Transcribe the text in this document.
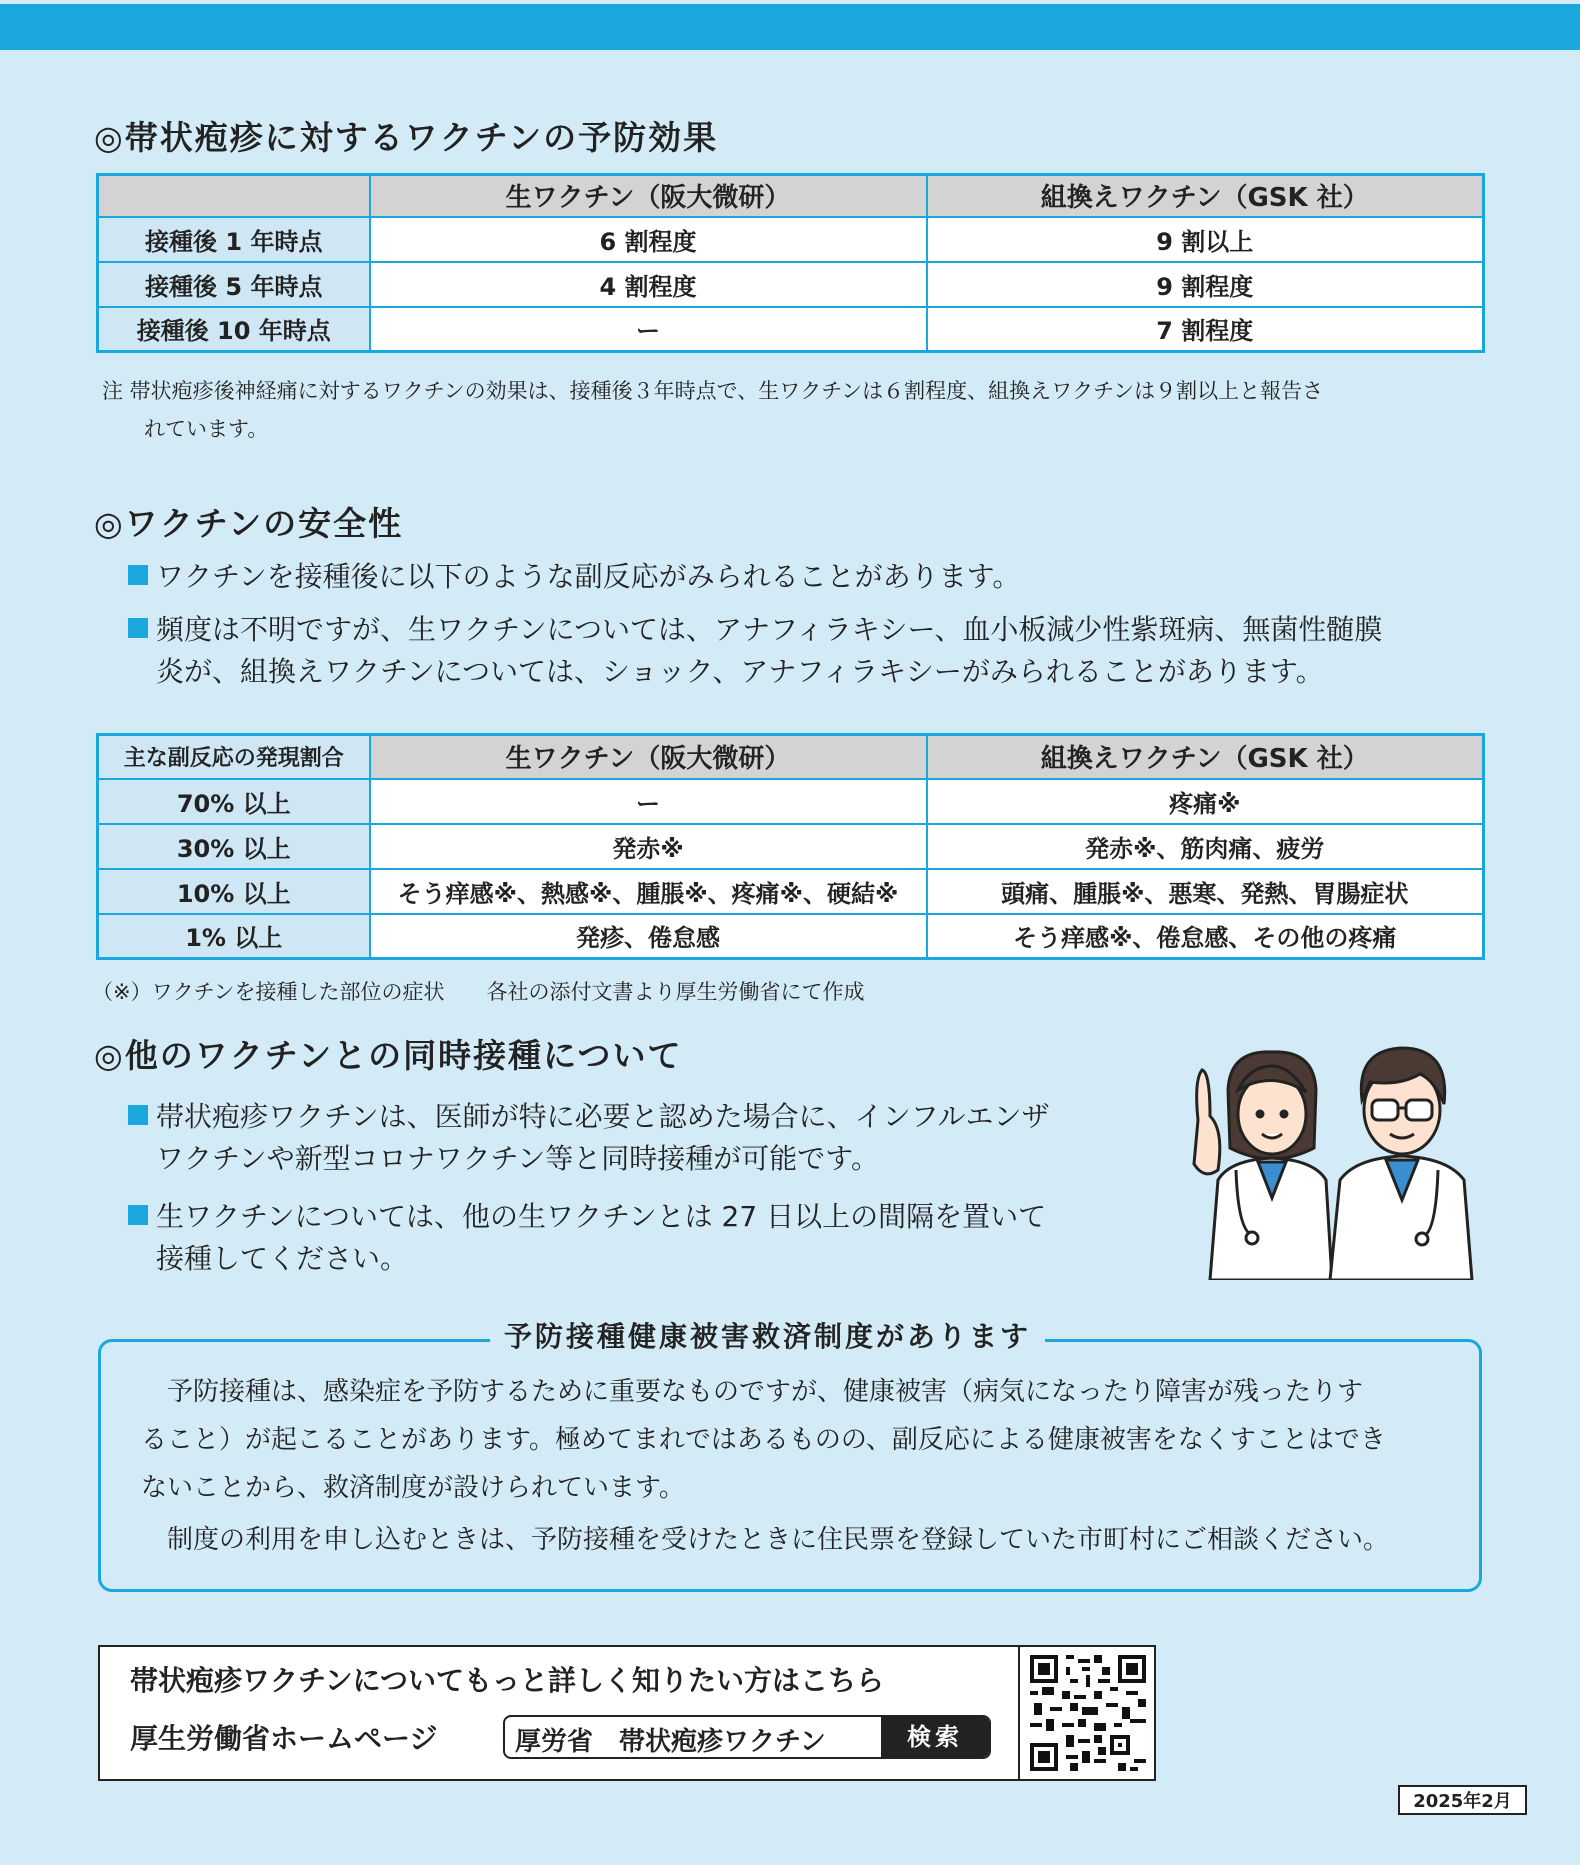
◎帯状疱疹に対するワクチンの予防効果
	生ワクチン（阪大微研）	組換えワクチン（GSK 社）
接種後 1 年時点	6 割程度	9 割以上
接種後 5 年時点	4 割程度	9 割程度
接種後 10 年時点	ー	7 割程度
注 帯状疱疹後神経痛に対するワクチンの効果は、接種後３年時点で、生ワクチンは６割程度、組換えワクチンは９割以上と報告さ
れています。
◎ワクチンの安全性
ワクチンを接種後に以下のような副反応がみられることがあります。
頻度は不明ですが、生ワクチンについては、アナフィラキシー、血小板減少性紫斑病、無菌性髄膜
炎が、組換えワクチンについては、ショック、アナフィラキシーがみられることがあります。
主な副反応の発現割合	生ワクチン（阪大微研）	組換えワクチン（GSK 社）
70% 以上	ー	疼痛※
30% 以上	発赤※	発赤※、筋肉痛、疲労
10% 以上	そう痒感※、熱感※、腫脹※、疼痛※、硬結※	頭痛、腫脹※、悪寒、発熱、胃腸症状
1% 以上	発疹、倦怠感	そう痒感※、倦怠感、その他の疼痛
（※）ワクチンを接種した部位の症状　　各社の添付文書より厚生労働省にて作成
◎他のワクチンとの同時接種について
帯状疱疹ワクチンは、医師が特に必要と認めた場合に、インフルエンザ
ワクチンや新型コロナワクチン等と同時接種が可能です。
生ワクチンについては、他の生ワクチンとは 27 日以上の間隔を置いて
接種してください。

予防接種は、感染症を予防するために重要なものですが、健康被害（病気になったり障害が残ったりす

ること）が起こることがあります。極めてまれではあるものの、副反応による健康被害をなくすことはでき

ないことから、救済制度が設けられています。

制度の利用を申し込むときは、予防接種を受けたときに住民票を登録していた市町村にご相談ください。

予防接種健康被害救済制度があります
帯状疱疹ワクチンについてもっと詳しく知りたい方はこちら
厚生労働省ホームページ	厚労省　帯状疱疹ワクチン	検索
2025年2月
